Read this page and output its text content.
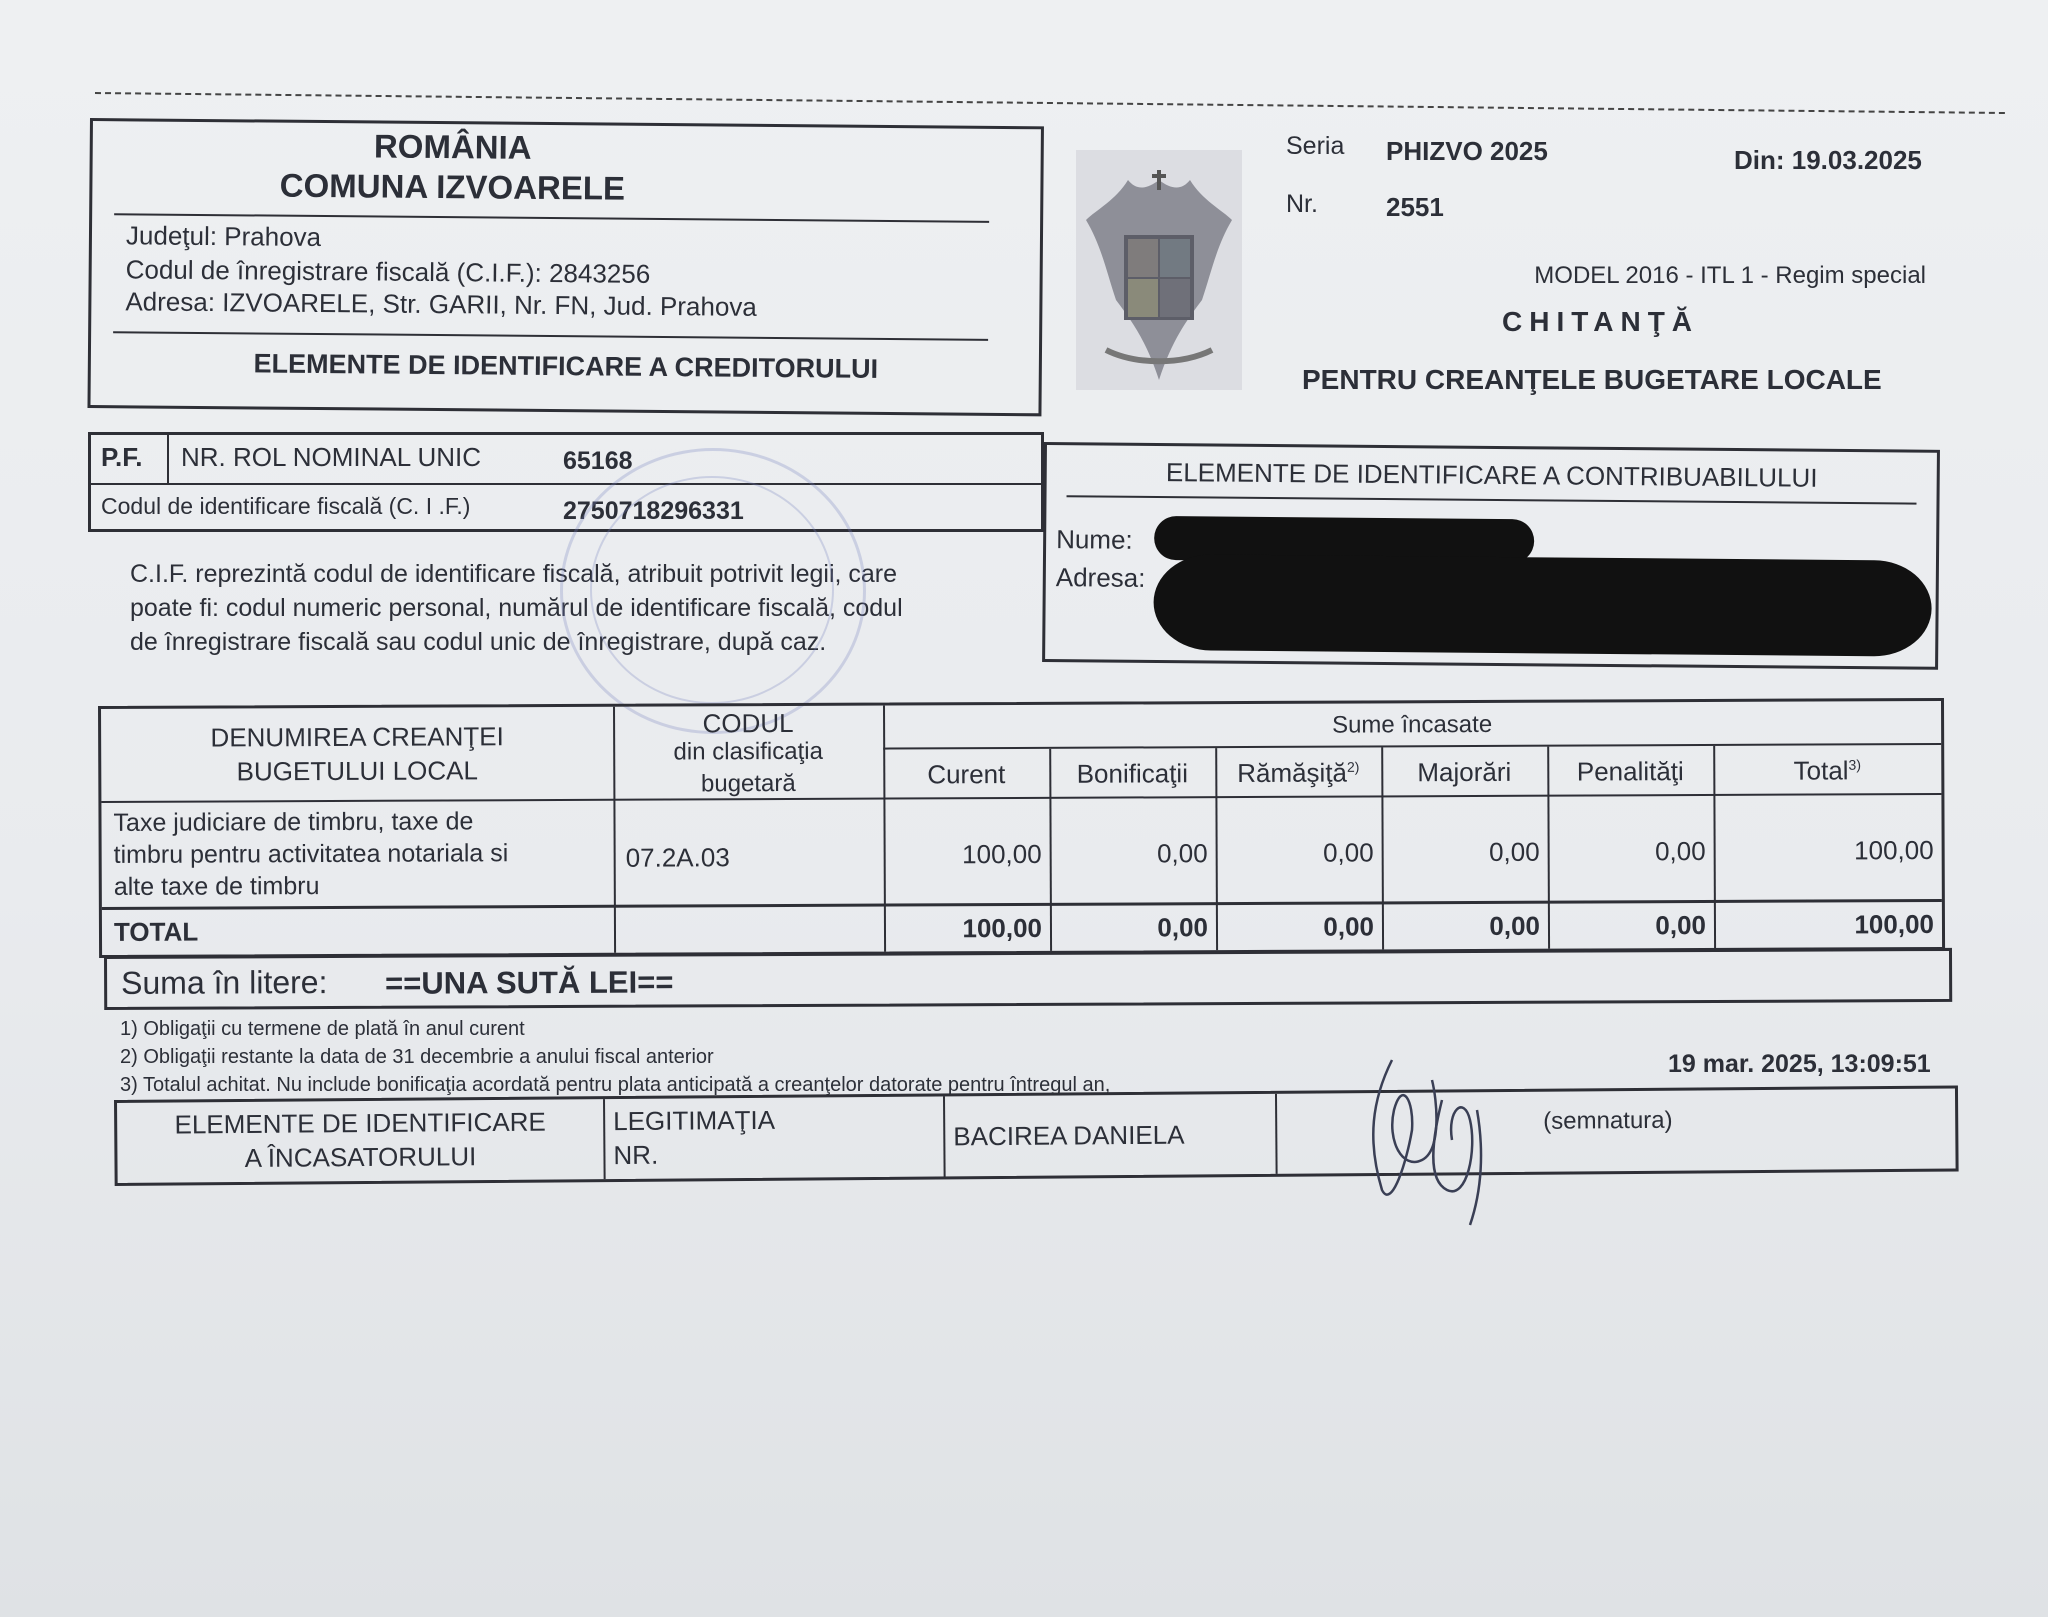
ROMÂNIA
COMUNA IZVOARELE
Judeţul: Prahova
Codul de înregistrare fiscală (C.I.F.): 2843256
Adresa: IZVOARELE, Str. GARII, Nr. FN, Jud. Prahova
ELEMENTE DE IDENTIFICARE A CREDITORULUI
Seria PHIZVO 2025	Din: 19.03.2025
Nr.	2551
MODEL 2016 - ITL 1 - Regim special
CHITANŢĂ
PENTRU CREANŢELE BUGETARE LOCALE
P.F. NR. ROL NOMINAL UNIC	65168
Codul de identificare fiscală (C. I .F.)	2750718296331
C.I.F. reprezintă codul de identificare fiscală, atribuit potrivit legii, care
poate fi: codul numeric personal, numărul de identificare fiscală, codul
de înregistrare fiscală sau codul unic de înregistrare, după caz.
ELEMENTE DE IDENTIFICARE A CONTRIBUABILULUI
Nume:
Adresa:
DENUMIREA CREANŢEI
BUGETULUI LOCAL
CODUL
din clasificaţia
bugetară
Sume încasate
Curent	Bonificaţii	Rămăşiţă$^{2)}$	Majorări	Penalităţi	Total$^{3)}$
Taxe judiciare de timbru, taxe de
timbru pentru activitatea notariala si
alte taxe de timbru
07.2A.03	100,00	0,00	0,00	0,00	0,00	100,00
TOTAL	100,00	0,00	0,00	0,00	0,00	100,00
Suma în litere: ==UNA SUTĂ LEI==
1) Obligaţii cu termene de plată în anul curent
2) Obligaţii restante la data de 31 decembrie a anului fiscal anterior
3) Totalul achitat. Nu include bonificaţia acordată pentru plata anticipată a creanţelor datorate pentru întregul an,
19 mar. 2025, 13:09:51
ELEMENTE DE IDENTIFICARE
A ÎNCASATORULUI
LEGITIMAŢIA
NR.
BACIREA DANIELA	(semnatura)
